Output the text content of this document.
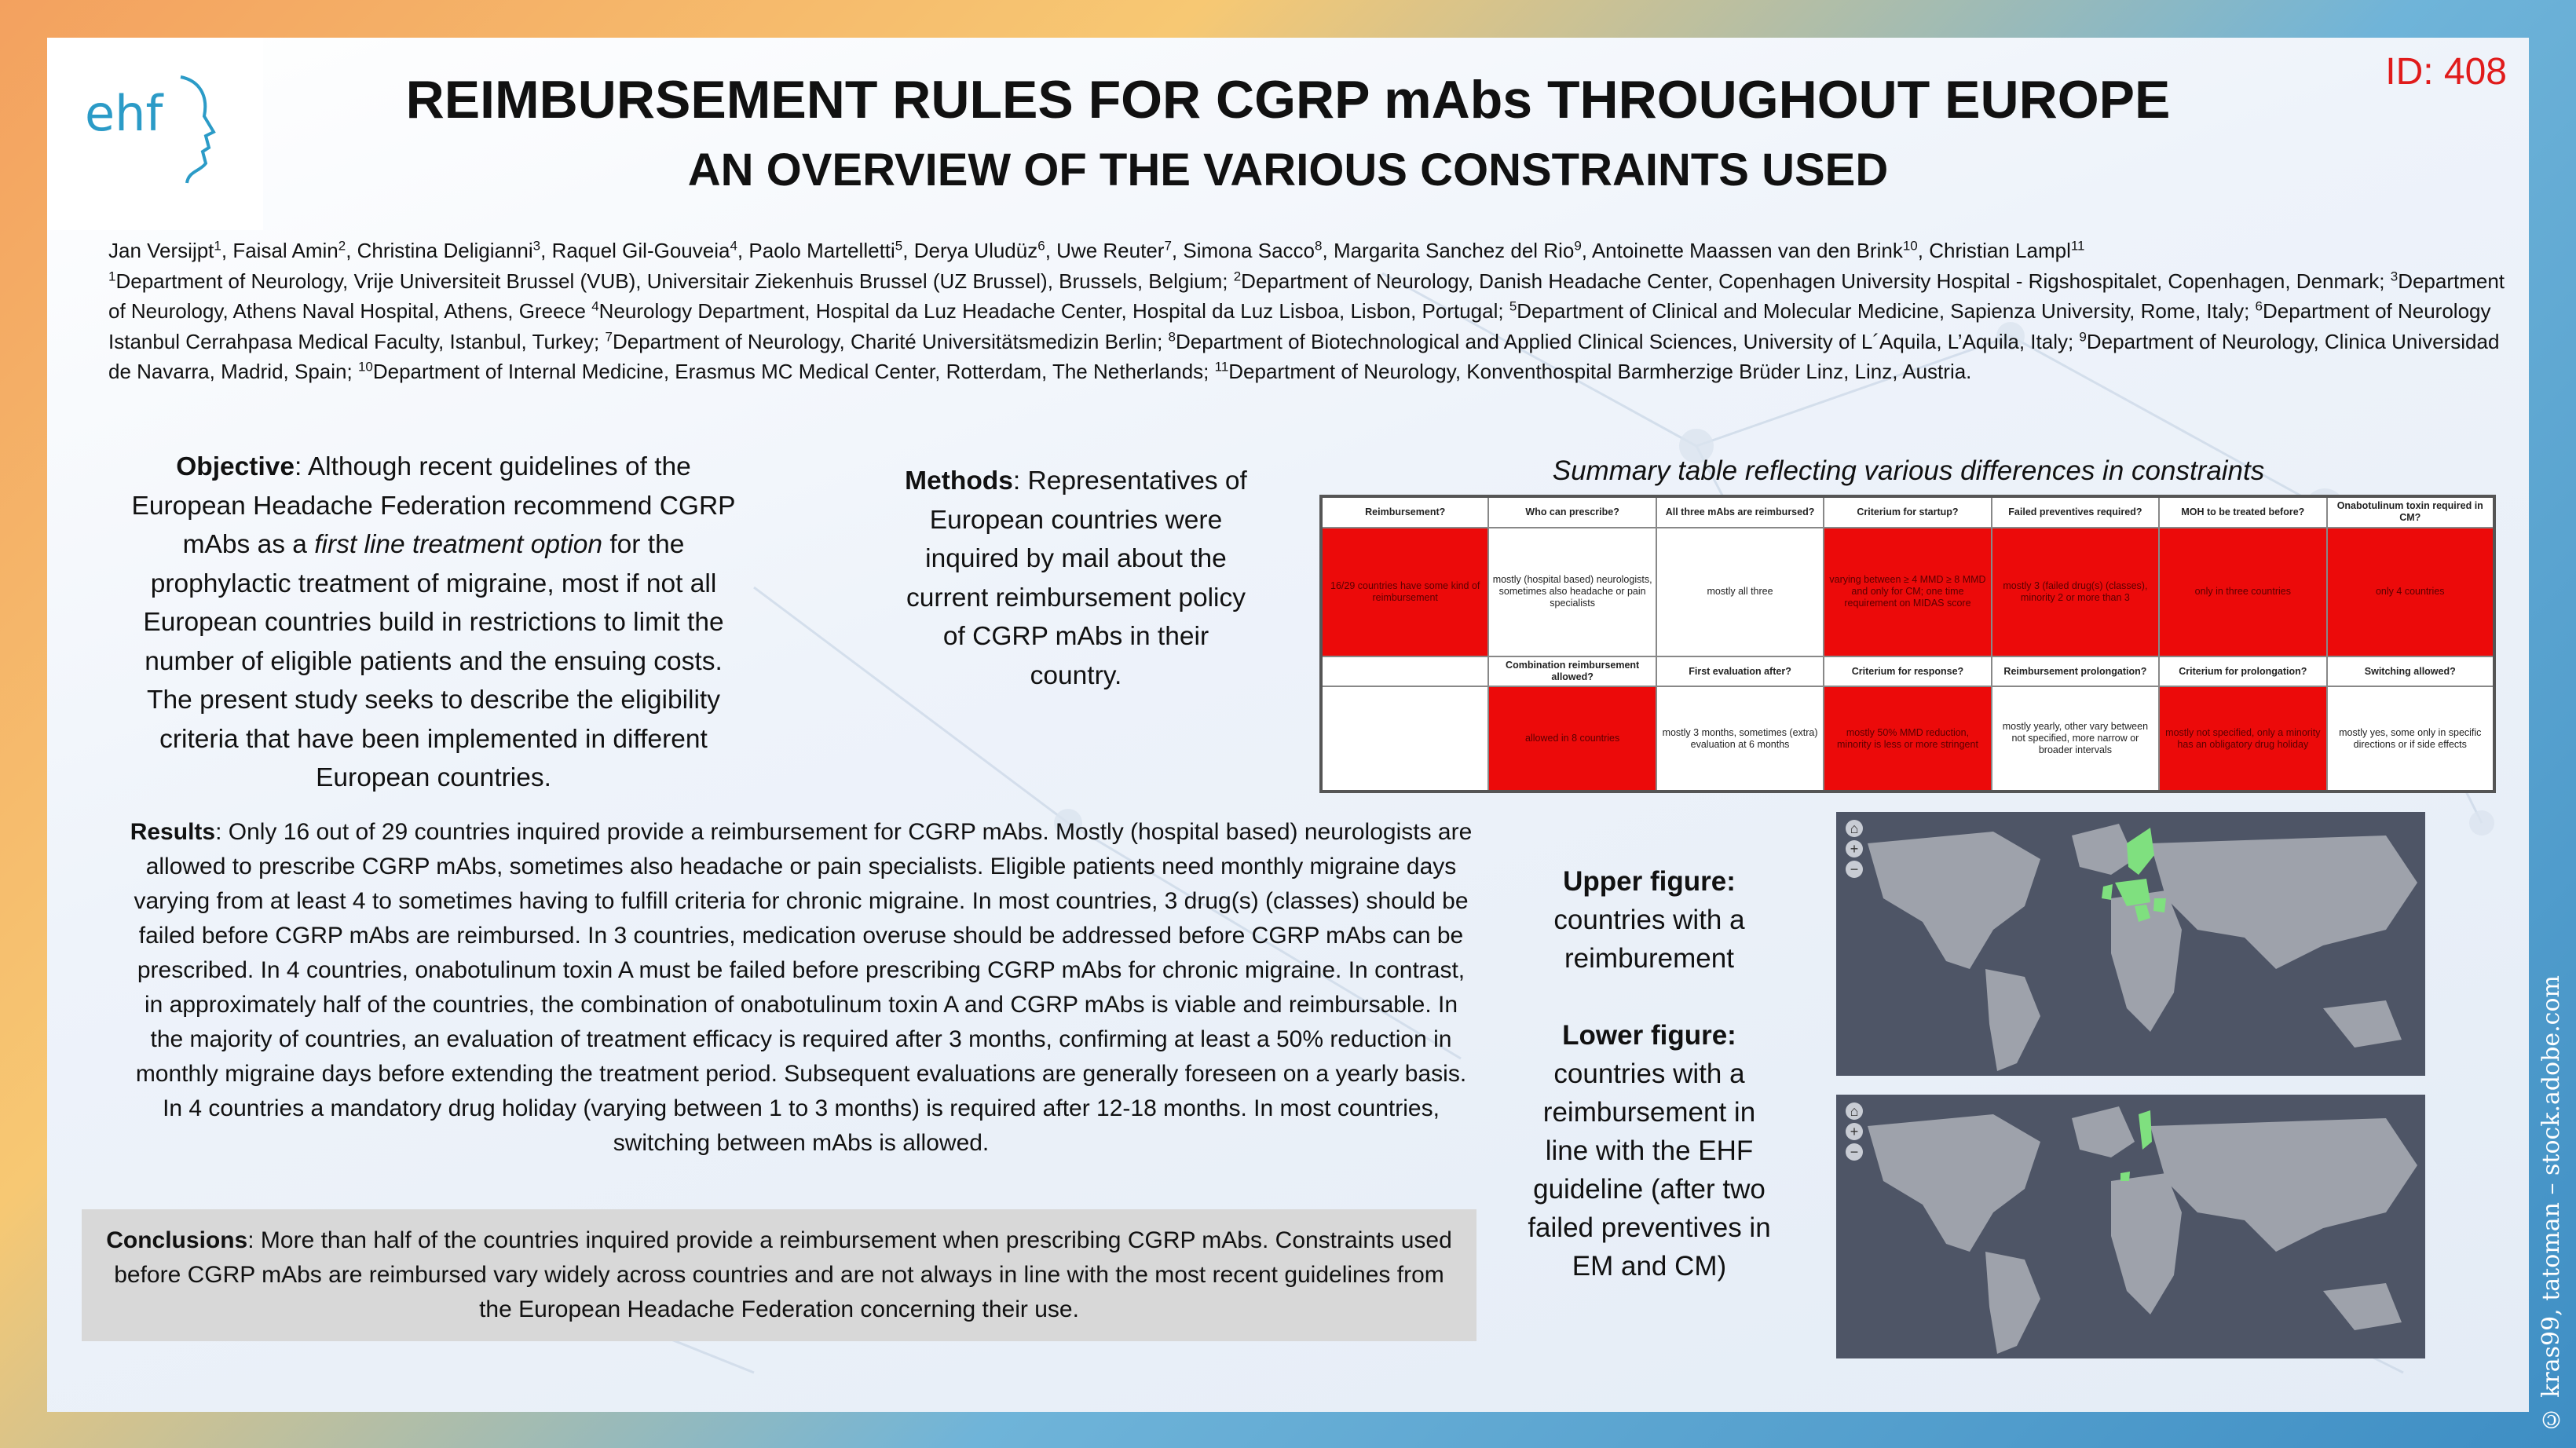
ehf
ID: 408
REIMBURSEMENT RULES FOR CGRP mAbs THROUGHOUT EUROPE
AN OVERVIEW OF THE VARIOUS CONSTRAINTS USED
Jan Versijpt$^1$, Faisal Amin$^2$, Christina Deligianni$^3$, Raquel Gil-Gouveia$^4$, Paolo Martelletti$^5$, Derya Uludüz$^6$, Uwe Reuter$^7$, Simona Sacco$^8$, Margarita Sanchez del Rio$^9$, Antoinette Maassen van den Brink$^{10}$, Christian Lampl$^{11}$
$^1$Department of Neurology, Vrije Universiteit Brussel (VUB), Universitair Ziekenhuis Brussel (UZ Brussel), Brussels, Belgium; $^2$Department of Neurology, Danish Headache Center, Copenhagen University Hospital - Rigshospitalet, Copenhagen, Denmark; $^3$Department of Neurology, Athens Naval Hospital, Athens, Greece $^4$Neurology Department, Hospital da Luz Headache Center, Hospital da Luz Lisboa, Lisbon, Portugal; $^5$Department of Clinical and Molecular Medicine, Sapienza University, Rome, Italy; $^6$Department of Neurology Istanbul Cerrahpasa Medical Faculty, Istanbul, Turkey; $^7$Department of Neurology, Charité Universitätsmedizin Berlin; $^8$Department of Biotechnological and Applied Clinical Sciences, University of L´Aquila, L’Aquila, Italy; $^9$Department of Neurology, Clinica Universidad de Navarra, Madrid, Spain; $^{10}$Department of Internal Medicine, Erasmus MC Medical Center, Rotterdam, The Netherlands; $^{11}$Department of Neurology, Konventhospital Barmherzige Brüder Linz, Linz, Austria.
Objective: Although recent guidelines of the European Headache Federation recommend CGRP mAbs as a first line treatment option for the prophylactic treatment of migraine, most if not all European countries build in restrictions to limit the number of eligible patients and the ensuing costs. The present study seeks to describe the eligibility criteria that have been implemented in different European countries.
Methods: Representatives of European countries were inquired by mail about the current reimbursement policy of CGRP mAbs in their country.
Results: Only 16 out of 29 countries inquired provide a reimbursement for CGRP mAbs. Mostly (hospital based) neurologists are allowed to prescribe CGRP mAbs, sometimes also headache or pain specialists. Eligible patients need monthly migraine days varying from at least 4 to sometimes having to fulfill criteria for chronic migraine. In most countries, 3 drug(s) (classes) should be failed before CGRP mAbs are reimbursed. In 3 countries, medication overuse should be addressed before CGRP mAbs can be prescribed. In 4 countries, onabotulinum toxin A must be failed before prescribing CGRP mAbs for chronic migraine. In contrast, in approximately half of the countries, the combination of onabotulinum toxin A and CGRP mAbs is viable and reimbursable. In the majority of countries, an evaluation of treatment efficacy is required after 3 months, confirming at least a 50% reduction in monthly migraine days before extending the treatment period. Subsequent evaluations are generally foreseen on a yearly basis. In 4 countries a mandatory drug holiday (varying between 1 to 3 months) is required after 12-18 months. In most countries, switching between mAbs is allowed.
Conclusions: More than half of the countries inquired provide a reimbursement when prescribing CGRP mAbs. Constraints used before CGRP mAbs are reimbursed vary widely across countries and are not always in line with the most recent guidelines from the European Headache Federation concerning their use.
Summary table reflecting various differences in constraints
Reimbursement?	Who can prescribe?	All three mAbs are reimbursed?	Criterium for startup?	Failed preventives required?	MOH to be treated before?	Onabotulinum toxin required in CM?
16/29 countries have some kind of reimbursement	mostly (hospital based) neurologists, sometimes also headache or pain specialists	mostly all three	varying between ≥ 4 MMD ≥ 8 MMD and only for CM; one time requirement on MIDAS score	mostly 3 (failed drug(s) (classes), minority 2 or more than 3	only in three countries	only 4 countries
	Combination reimbursement allowed?	First evaluation after?	Criterium for response?	Reimbursement prolongation?	Criterium for prolongation?	Switching allowed?
	allowed in 8 countries	mostly 3 months, sometimes (extra) evaluation at 6 months	mostly 50% MMD reduction, minority is less or more stringent	mostly yearly, other vary between not specified, more narrow or broader intervals	mostly not specified, only a minority has an obligatory drug holiday	mostly yes, some only in specific directions or if side effects
Upper figure:
countries with a reimburement
Lower figure:
countries with a reimbursement in line with the EHF guideline (after two failed preventives in EM and CM)
⌂
+
−
⌂
+
−	© kras99, tatoman – stock.adobe.com
